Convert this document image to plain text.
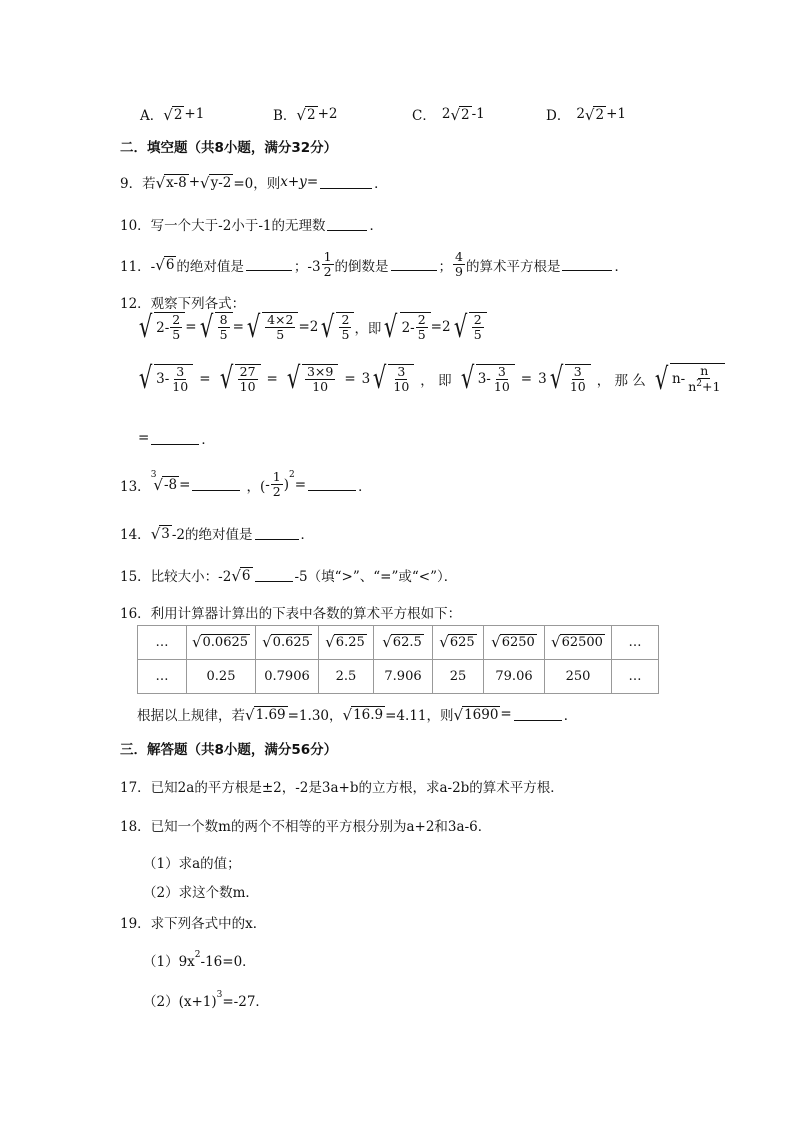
A． √ 2 +1	B． √ 2 +2	C． 2 √ 2 -1	D． 2 √ 2 +1
二．填空题（共8小题，满分32分）
9．若 √ x-8 + √ y-2 =0，则 x+y =	．
10．写一个大于-2小于-1的无理数	．
11．- √ 6 的绝对值是	；$-3 \frac{1}{2}$ 的倒数是	； $\frac{4}{9}$ 的算术平方根是	．
12．观察下列各式：
√ $2- \frac{2}{5}$ = √ $\frac{8}{5}$ = √ $\frac{4\times 2}{5} = 2$ √ $\frac{2}{5}$ ，即 √ $2- \frac{2}{5} = 2$ √ $\frac{2}{5}$
√ $3- \frac{3}{10}$ = √ $\frac{27}{10}$ = √ $\frac{3\times 9}{10} = 3$ √ $\frac{3}{10}$ ， 即 √ $3- \frac{3}{10} = 3$ √ $\frac{3}{10}$ ， 那 么 √ $n- \frac{n}{n^2+1}$
=	．
13．
$^3$
√ -8 =	，( - $\frac{1}{2}$ )
$^2$
=	．
14． √ 3 -2的绝对值是	．
15．比较大小：-2 √ 6	-5（填“>”、“=”或“<”）．
16．利用计算器计算出的下表中各数的算术平方根如下：
…	√ 0.0625	√ 0.625	√ 6.25	√ 62.5	√ 625	√ 6250	√ 62500	…
…	0.25	0.7906	2.5	7.906	25	79.06	250	…
根据以上规律，若 √ 1.69 =1.30， √ 16.9 =4.11，则 √ 1690 =	．
三．解答题（共8小题，满分56分）
17．已知2a的平方根是±2，-2是3a+b的立方根，求a-2b的算术平方根．
18．已知一个数m的两个不相等的平方根分别为a+2和3a-6．
（1）求a的值；
（2）求这个数m．
19．求下列各式中的x．
$(1)9x^2$ -16=0．
$(2)(x+1)^3 =-27$．
